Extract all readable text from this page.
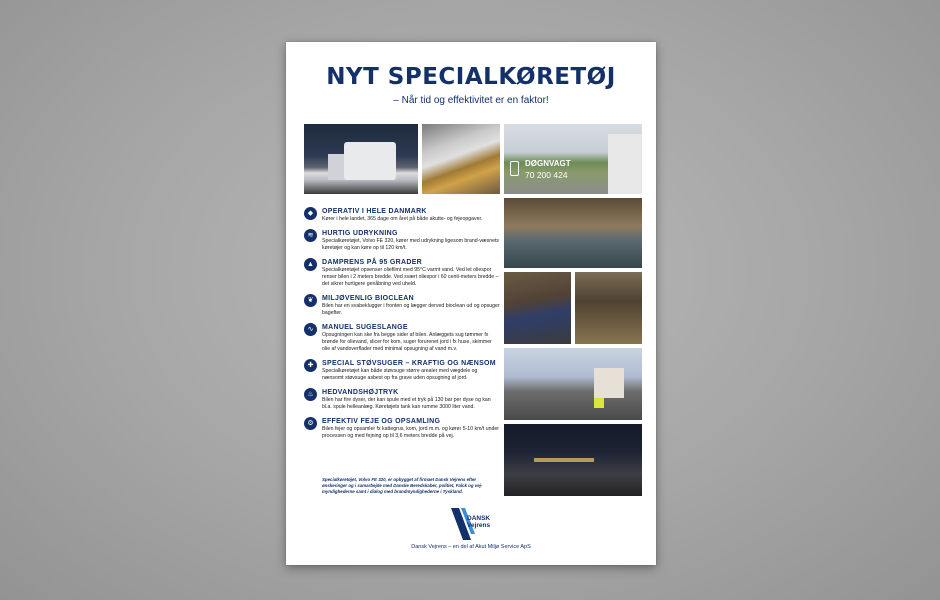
NYT SPECIALKØRETØJ
– Når tid og effektivitet er en faktor!
DØGNVAGT
70 200 424
◆	OPERATIV I HELE DANMARK
Kører i hele landet, 365 dage om året på både akutte- og fejeopgaver.
≋	HURTIG UDRYKNING
Specialkøretøjet, Volvo FE 320, kører med udrykning ligesom brand-væsnets køretøjer og kan køre op til 120 km/t.
▲	DAMPRENS PÅ 95 GRADER
Specialkøretøjet opsenser oliefilmt med 95°C varmt vand. Ved let oliespor renser bilen i 2 meters bredde. Ved svært oliespor i 60 centi-meters bredde – det sikrer hurtigere genåbning ved uheld.
❦	MILJØVENLIG BIOCLEAN
Bilen har en svabeklugger i fronten og lægger derved bioclean ud og opsuger bagefter.
∿	MANUEL SUGESLANGE
Opsugningen kan ske fra begge sider af bilen. Anlæggets sug tømmer fx brønde for olievand, slicer for kom, suger forurenet jord i fx huse, skimmer olie af vandoverflader med minimal opsugning af vand m.v.
✚	SPECIAL STØVSUGER – KRAFTIG OG NÆNSOM
Specialkøretøjet kan både støvsuge større arealer med vægdele og nænsomt støvsuge asbest op fra grave uden opsugning af jord.
♨	HEDVANDSHØJTRYK
Bilen har fire dyser, der kan spule med et tryk på 130 bar per dyse og kan bl.a. spule helleanlæg. Køretøjets tank kan rumme 3000 liter vand.
⚙	EFFEKTIV FEJE OG OPSAMLING
Bilen fejer og opsamler fx kattegrus, kom, jord m.m. og kører 5-10 km/t under processen og med fejning op til 3,6 meters bredde på vej.
Specialkøretøjet, Volvo FE 320, er opbygget af firmaet Dansk Vejrens efter ønskeringer og i samarbejde med Danske Beredskaber, politiet, Falck og vej-myndighederne samt i dialog med brandmyndighederne i Tyskland.
DANSK
Vejrens
Dansk Vejrens – en del af Akut Miljø Service ApS
